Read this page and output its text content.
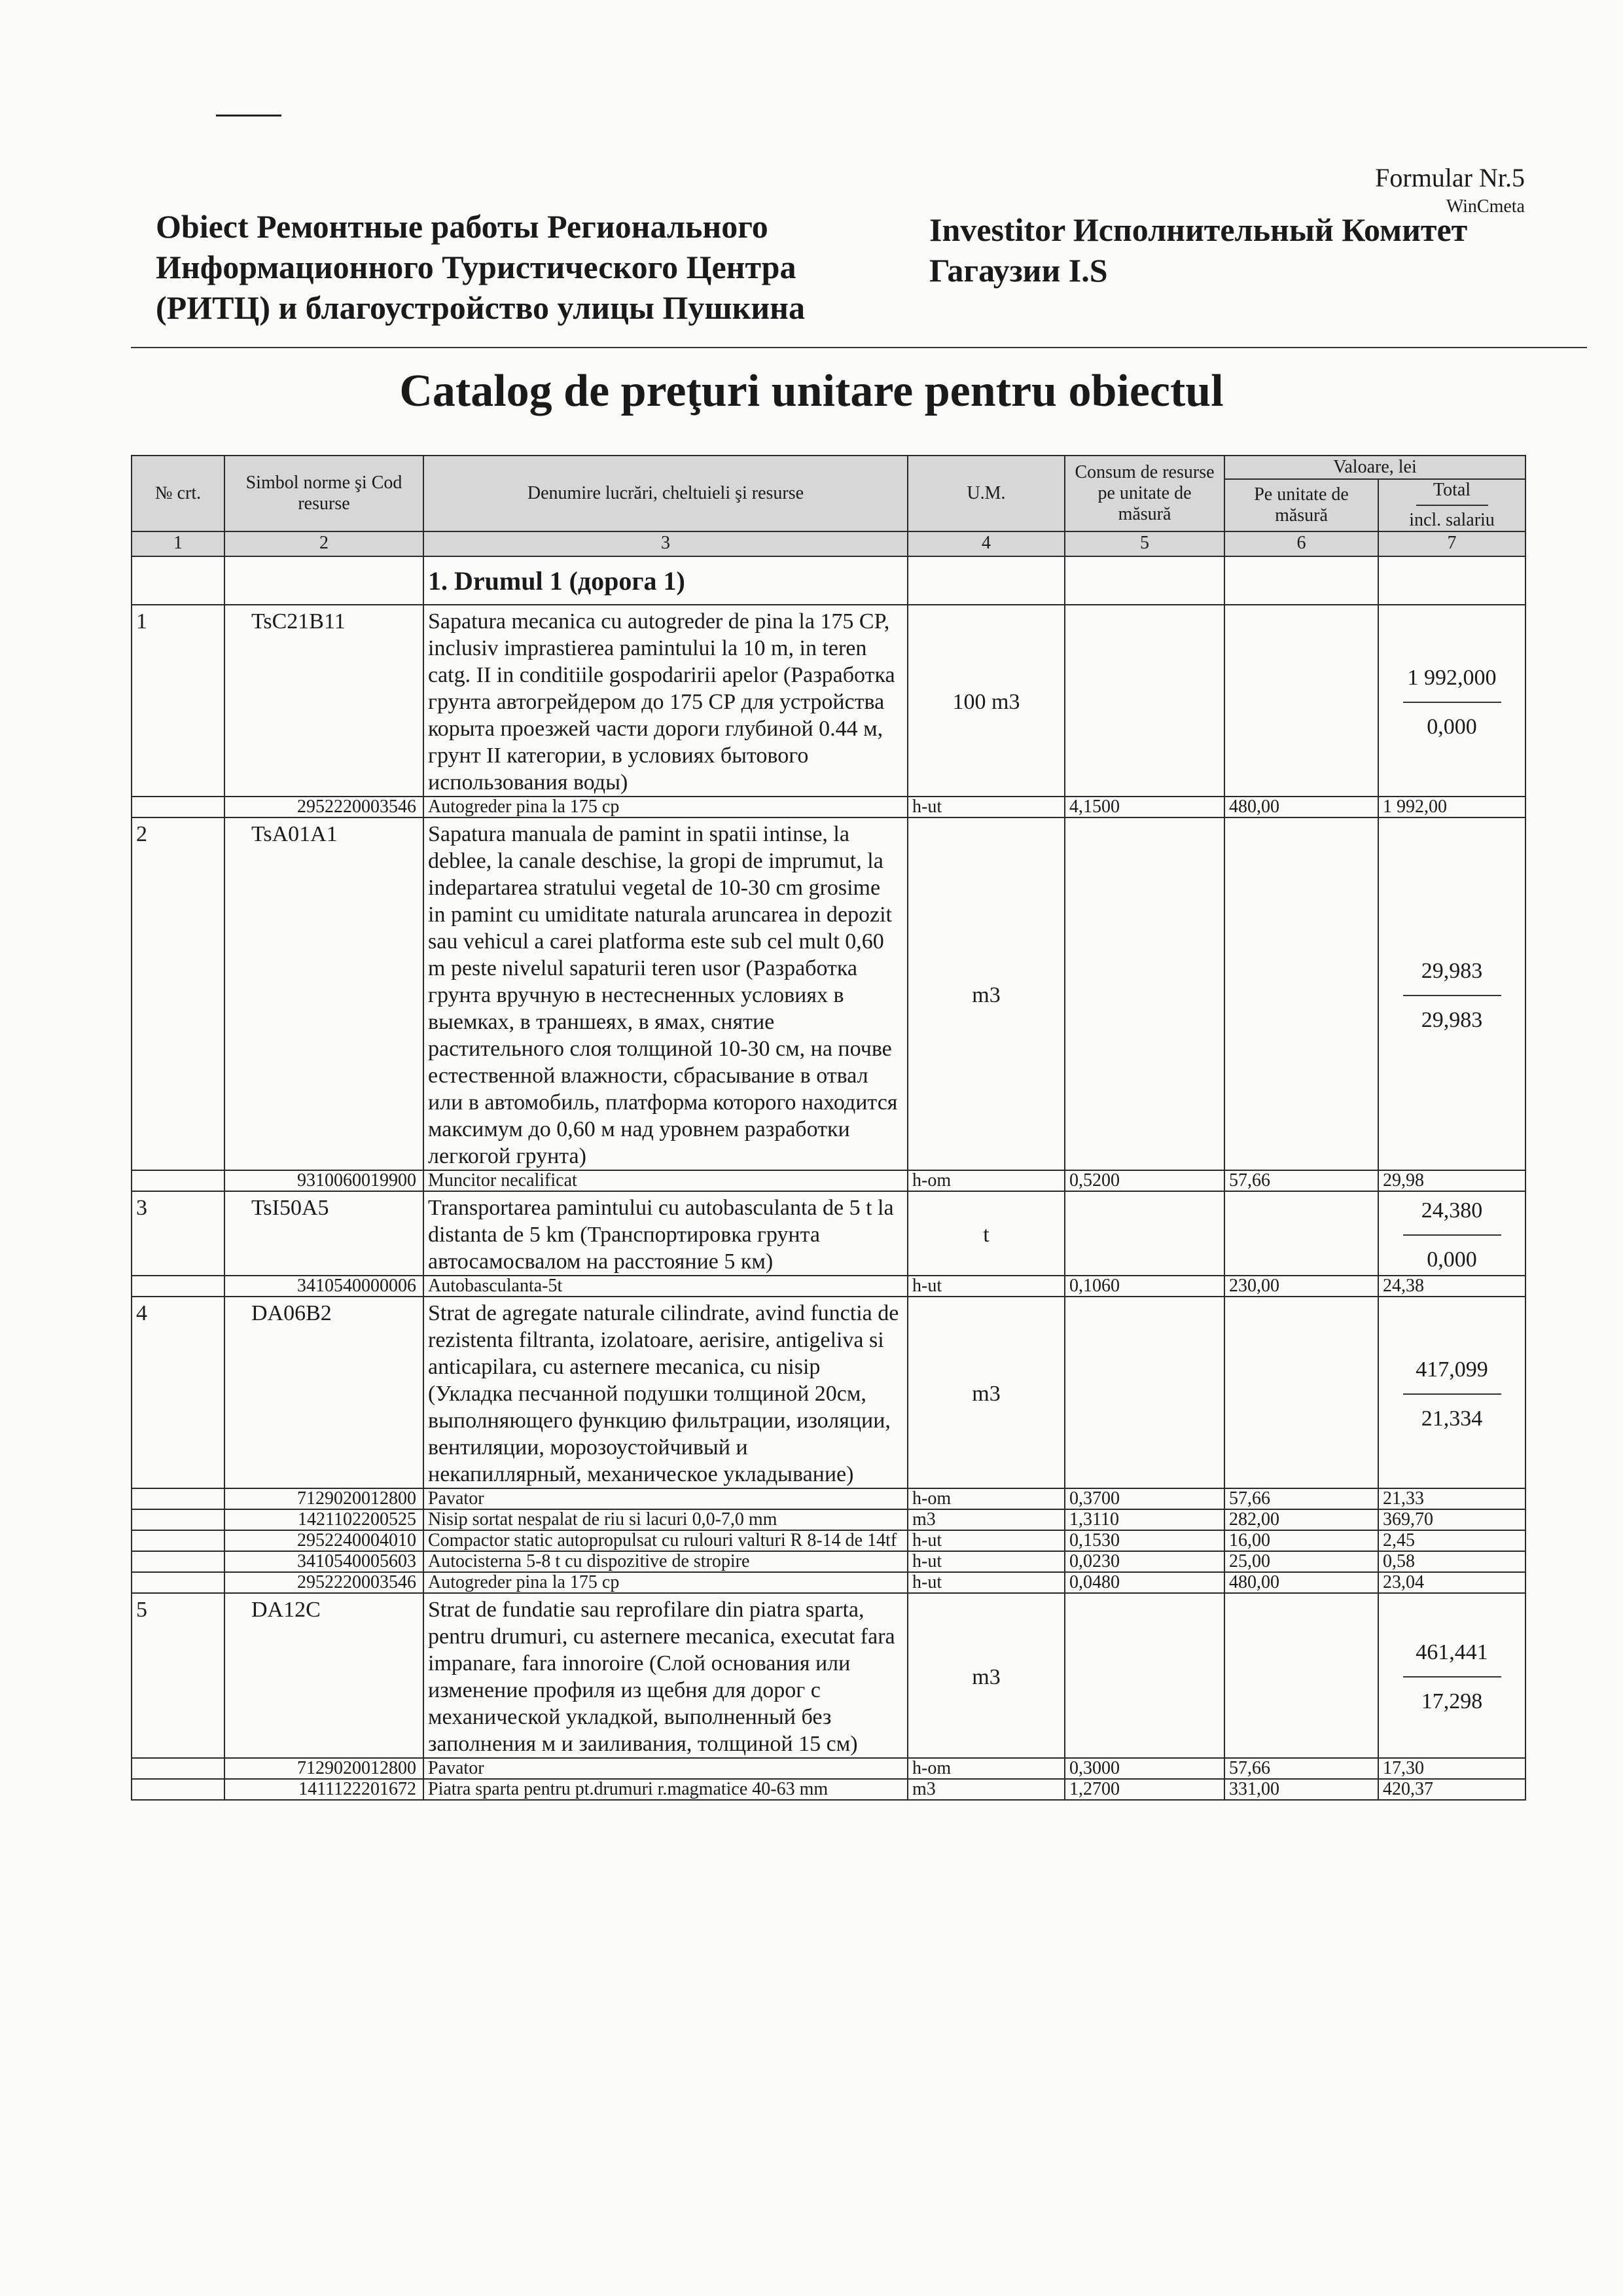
Formular Nr.5
WinCmeta
Obiect Ремонтные работы Регионального Информационного Туристического Центра (РИТЦ) и благоустройство улицы Пушкина
Investitor Исполнительный Комитет Гагаузии I.S
Catalog de preţuri unitare pentru obiectul
№ crt.	Simbol norme şi Cod resurse	Denumire lucrări, cheltuieli şi resurse	U.M.	Consum de resurse pe unitate de măsură	Valoare, lei	
					Pe unitate de măsură	Total
incl. salariu

1	2	3	4	5	6	7
		1. Drumul 1 (дорога 1)				
1	TsC21B11	Sapatura mecanica cu autogreder de pina la 175 CP, inclusiv imprastierea pamintului la 10 m, in teren catg. II in conditiile gospodaririi apelor (Разработка грунта автогрейдером до 175 СР для устройства корыта проезжей части дороги глубиной 0.44 м, грунт II категории, в условиях бытового использования воды)	100 m3			1 992,000
0,000

	2952220003546	Autogreder pina la 175 cp	h-ut	4,1500	480,00	1 992,00
2	TsA01A1	Sapatura manuala de pamint in spatii intinse, la deblee, la canale deschise, la gropi de imprumut, la indepartarea stratului vegetal de 10-30 cm grosime in pamint cu umiditate naturala aruncarea in depozit sau vehicul a carei platforma este sub cel mult 0,60 m peste nivelul sapaturii teren usor (Разработка грунта вручную в нестесненных условиях в выемках, в траншеях, в ямах, снятие растительного слоя толщиной 10-30 см, на почве естественной влажности, сбрасывание в отвал или в автомобиль, платформа которого находится максимум до 0,60 м над уровнем разработки легкогой грунта)	m3			29,983
29,983

	9310060019900	Muncitor necalificat	h-om	0,5200	57,66	29,98
3	TsI50A5	Transportarea pamintului cu autobasculanta de 5 t la distanta de 5 km (Транспортировка грунта автосамосвалом на расстояние 5 км)	t			24,380
0,000

	3410540000006	Autobasculanta-5t	h-ut	0,1060	230,00	24,38
4	DA06B2	Strat de agregate naturale cilindrate, avind functia de rezistenta filtranta, izolatoare, aerisire, antigeliva si anticapilara, cu asternere mecanica, cu nisip (Укладка песчанной подушки толщиной 20см, выполняющего функцию фильтрации, изоляции, вентиляции, морозоустойчивый и некапиллярный, механическое укладывание)	m3			417,099
21,334

	7129020012800	Pavator	h-om	0,3700	57,66	21,33
	1421102200525	Nisip sortat nespalat de riu si lacuri 0,0-7,0 mm	m3	1,3110	282,00	369,70
	2952240004010	Compactor static autopropulsat cu rulouri valturi R 8-14 de 14tf	h-ut	0,1530	16,00	2,45
	3410540005603	Autocisterna 5-8 t cu dispozitive de stropire	h-ut	0,0230	25,00	0,58
	2952220003546	Autogreder pina la 175 cp	h-ut	0,0480	480,00	23,04
5	DA12C	Strat de fundatie sau reprofilare din piatra sparta, pentru drumuri, cu asternere mecanica, executat fara impanare, fara innoroire (Слой основания или изменение профиля из щебня для дорог с механической укладкой, выполненный без заполнения м и заиливания, толщиной 15 см)	m3			461,441
17,298

	7129020012800	Pavator	h-om	0,3000	57,66	17,30
	1411122201672	Piatra sparta pentru pt.drumuri r.magmatice 40-63 mm	m3	1,2700	331,00	420,37
